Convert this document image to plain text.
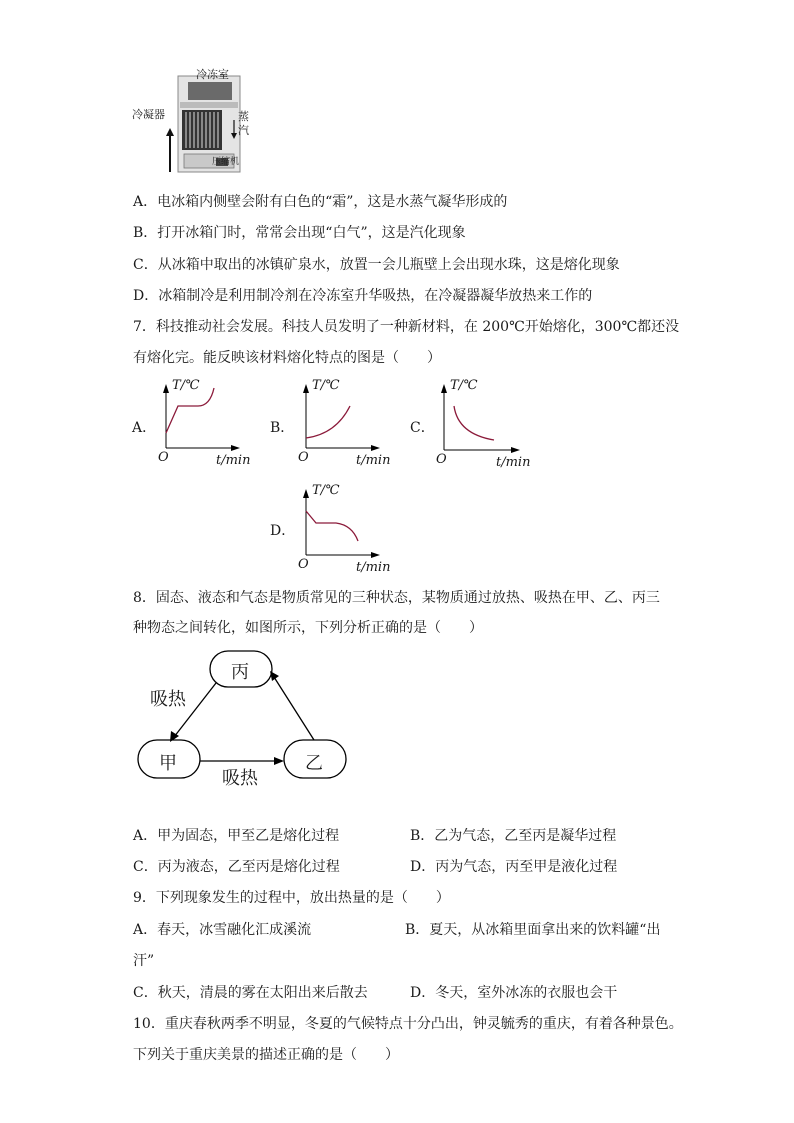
冷冻室
冷凝器	蒸
汽
压缩机
A．电冰箱内侧壁会附有白色的“霜”，这是水蒸气凝华形成的
B．打开冰箱门时，常常会出现“白气”，这是汽化现象
C．从冰箱中取出的冰镇矿泉水，放置一会儿瓶壁上会出现水珠，这是熔化现象
D．冰箱制冷是利用制冷剂在冷冻室升华吸热，在冷凝器凝华放热来工作的
7．科技推动社会发展。科技人员发明了一种新材料，在 200℃开始熔化，300℃都还没
有熔化完。能反映该材料熔化特点的图是（　　）
A．
T/℃
O	t/min
B．
T/℃
O	t/min
C．
T/℃
O	t/min
D．
T/℃
O	t/min
8．固态、液态和气态是物质常见的三种状态，某物质通过放热、吸热在甲、乙、丙三
种物态之间转化，如图所示，下列分析正确的是（　　）
丙
甲	乙
吸热
吸热
A．甲为固态，甲至乙是熔化过程	B．乙为气态，乙至丙是凝华过程
C．丙为液态，乙至丙是熔化过程	D．丙为气态，丙至甲是液化过程
9．下列现象发生的过程中，放出热量的是（　　）
A．春天，冰雪融化汇成溪流	B．夏天，从冰箱里面拿出来的饮料罐“出
汗”
C．秋天，清晨的雾在太阳出来后散去	D．冬天，室外冰冻的衣服也会干
10．重庆春秋两季不明显，冬夏的气候特点十分凸出，钟灵毓秀的重庆，有着各种景色。
下列关于重庆美景的描述正确的是（　　）
